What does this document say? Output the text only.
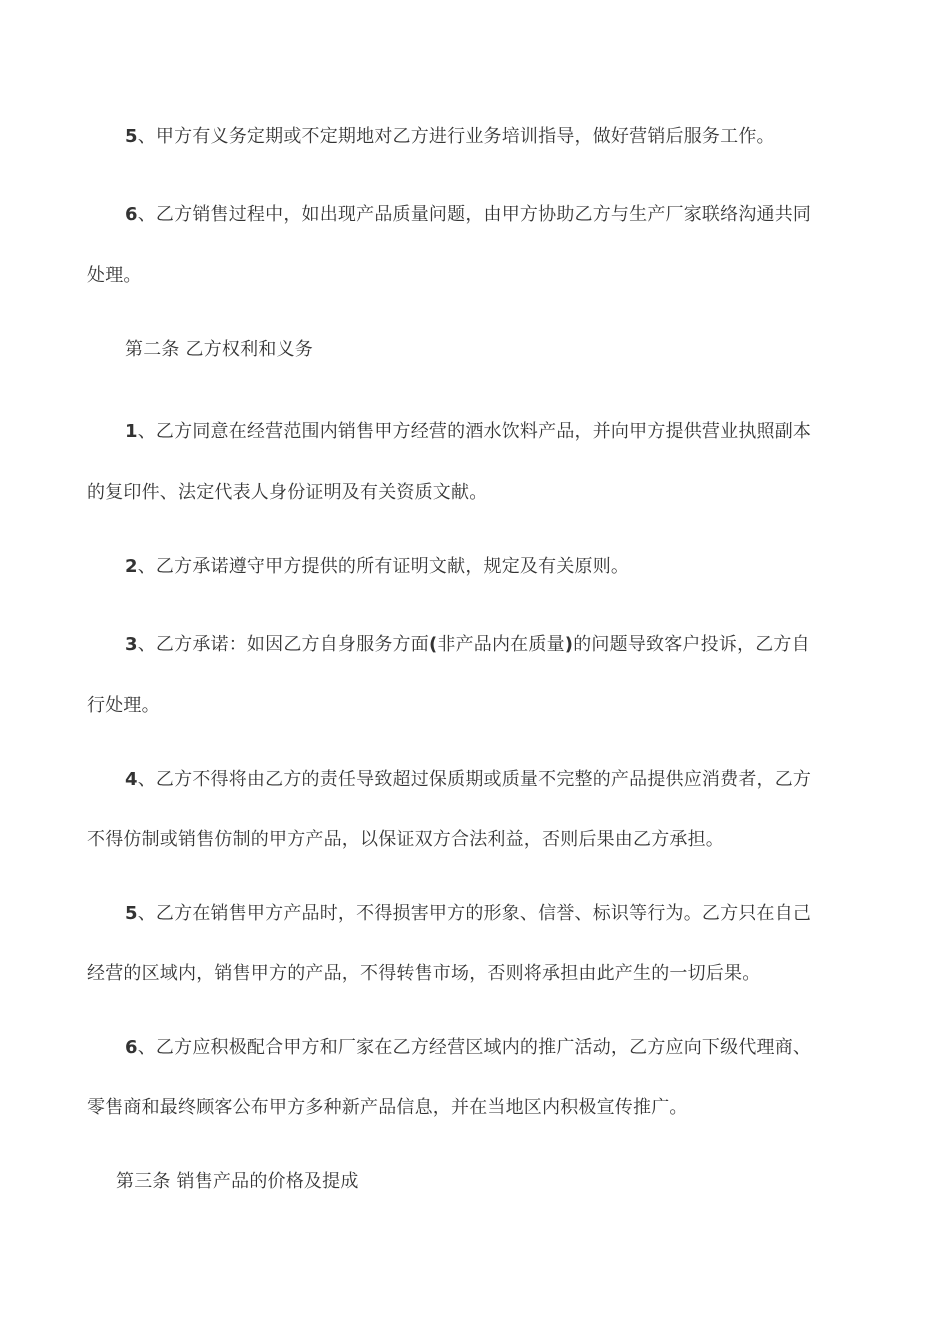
5、甲方有义务定期或不定期地对乙方进行业务培训指导，做好营销后服务工作。
6、乙方销售过程中，如出现产品质量问题，由甲方协助乙方与生产厂家联络沟通共同
处理。
第二条 乙方权利和义务
1、乙方同意在经营范围内销售甲方经营的酒水饮料产品，并向甲方提供营业执照副本
的复印件、法定代表人身份证明及有关资质文献。
2、乙方承诺遵守甲方提供的所有证明文献，规定及有关原则。
3、乙方承诺：如因乙方自身服务方面(非产品内在质量)的问题导致客户投诉，乙方自
行处理。
4、乙方不得将由乙方的责任导致超过保质期或质量不完整的产品提供应消费者，乙方
不得仿制或销售仿制的甲方产品，以保证双方合法利益，否则后果由乙方承担。
5、乙方在销售甲方产品时，不得损害甲方的形象、信誉、标识等行为。乙方只在自己
经营的区域内，销售甲方的产品，不得转售市场，否则将承担由此产生的一切后果。
6、乙方应积极配合甲方和厂家在乙方经营区域内的推广活动，乙方应向下级代理商、
零售商和最终顾客公布甲方多种新产品信息，并在当地区内积极宣传推广。
第三条 销售产品的价格及提成
